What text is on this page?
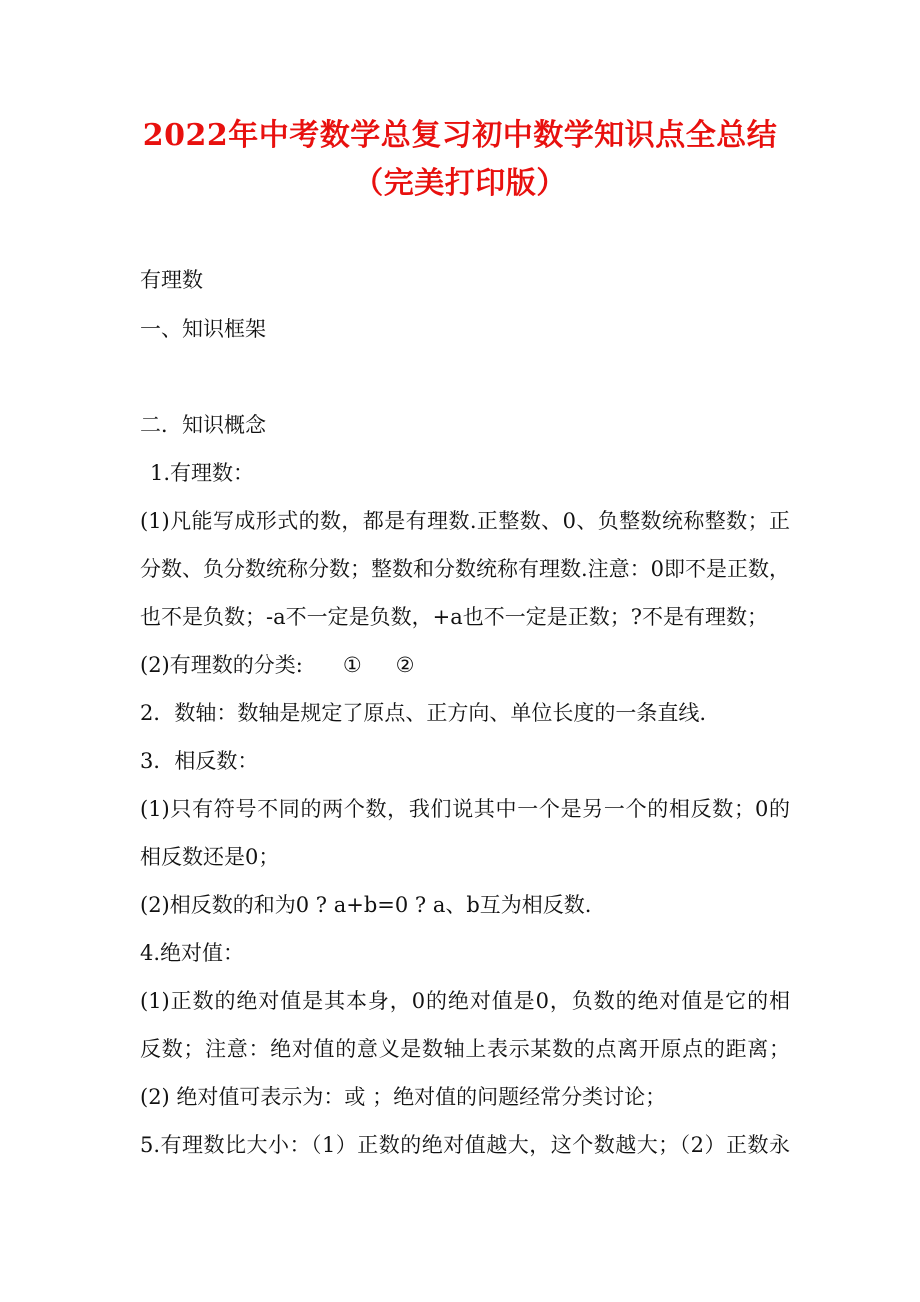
2022年中考数学总复习初中数学知识点全总结
（完美打印版）
有理数
一、知识框架
二．知识概念
1.有理数：
(1)凡能写成形式的数，都是有理数.正整数、0、负整数统称整数；正
分数、负分数统称分数；整数和分数统称有理数.注意：0即不是正数，
也不是负数；-a不一定是负数，+a也不一定是正数；?不是有理数；
(2)有理数的分类: ① ②
2．数轴：数轴是规定了原点、正方向、单位长度的一条直线.
3．相反数：
(1)只有符号不同的两个数，我们说其中一个是另一个的相反数；0的
相反数还是0；
(2)相反数的和为0 ? a+b=0 ? a、b互为相反数.
4.绝对值：
(1)正数的绝对值是其本身，0的绝对值是0，负数的绝对值是它的相
反数；注意：绝对值的意义是数轴上表示某数的点离开原点的距离；
(2) 绝对值可表示为：或 ；绝对值的问题经常分类讨论；
5.有理数比大小：（1）正数的绝对值越大，这个数越大；（2）正数永
